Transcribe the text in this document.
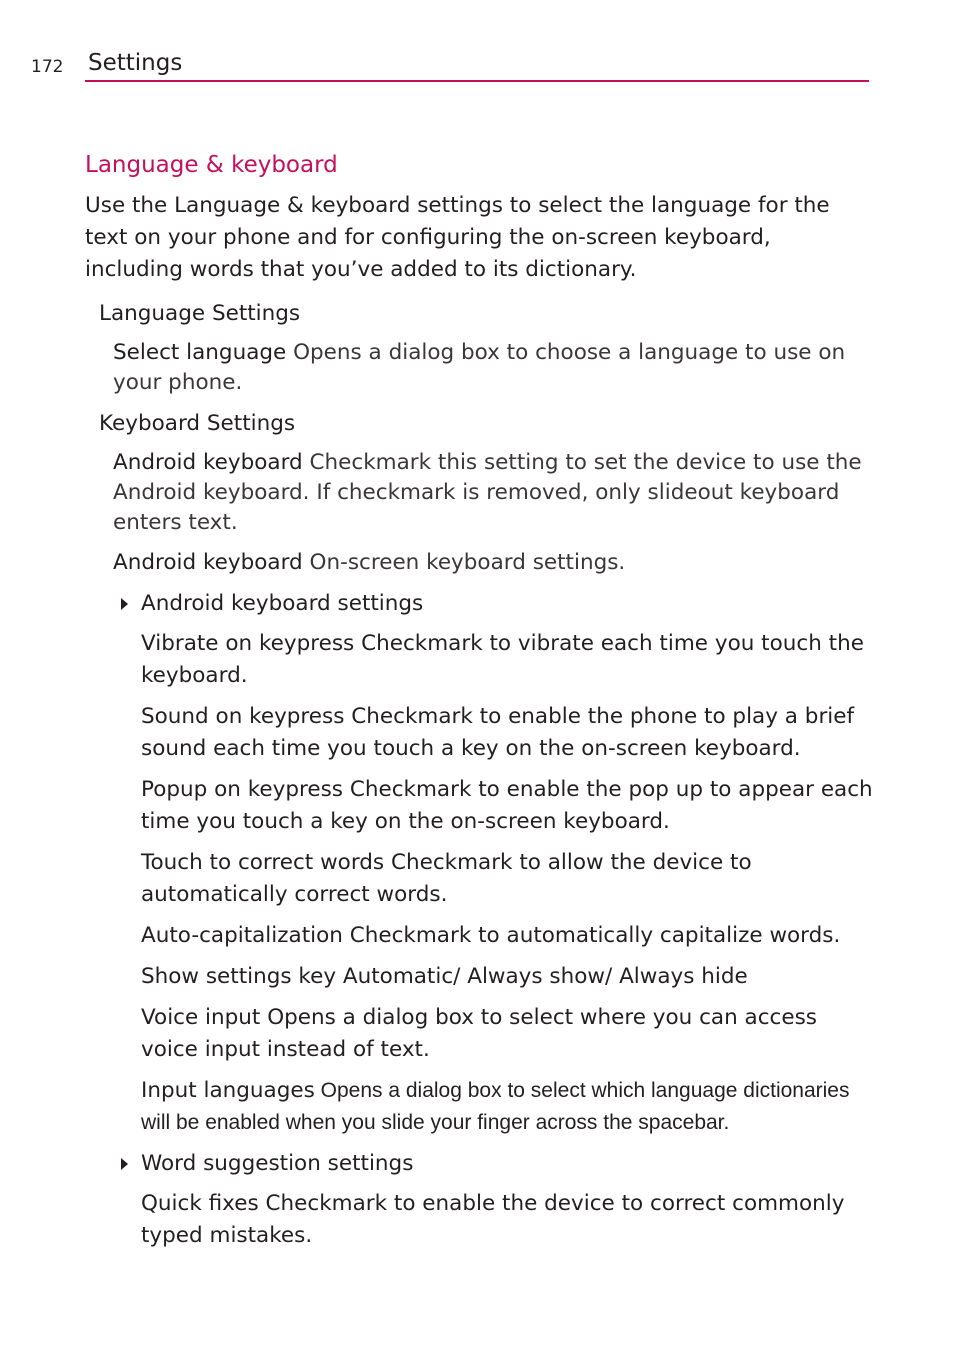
172 Settings
Language & keyboard

Use the Language & keyboard settings to select the language for the text on your phone and for configuring the on-screen keyboard, including words that you’ve added to its dictionary.

Language Settings

Select language Opens a dialog box to choose a language to use on your phone.

Keyboard Settings

Android keyboard Checkmark this setting to set the device to use the Android keyboard. If checkmark is removed, only slideout keyboard enters text.

Android keyboard On-screen keyboard settings.

Android keyboard settings

Vibrate on keypress Checkmark to vibrate each time you touch the keyboard.

Sound on keypress Checkmark to enable the phone to play a brief sound each time you touch a key on the on-screen keyboard.

Popup on keypress Checkmark to enable the pop up to appear each time you touch a key on the on-screen keyboard.

Touch to correct words Checkmark to allow the device to automatically correct words.

Auto-capitalization Checkmark to automatically capitalize words.

Show settings key Automatic/ Always show/ Always hide

Voice input Opens a dialog box to select where you can access voice input instead of text.

Input languages Opens a dialog box to select which language dictionaries will be enabled when you slide your finger across the spacebar.

Word suggestion settings

Quick fixes Checkmark to enable the device to correct commonly typed mistakes.
